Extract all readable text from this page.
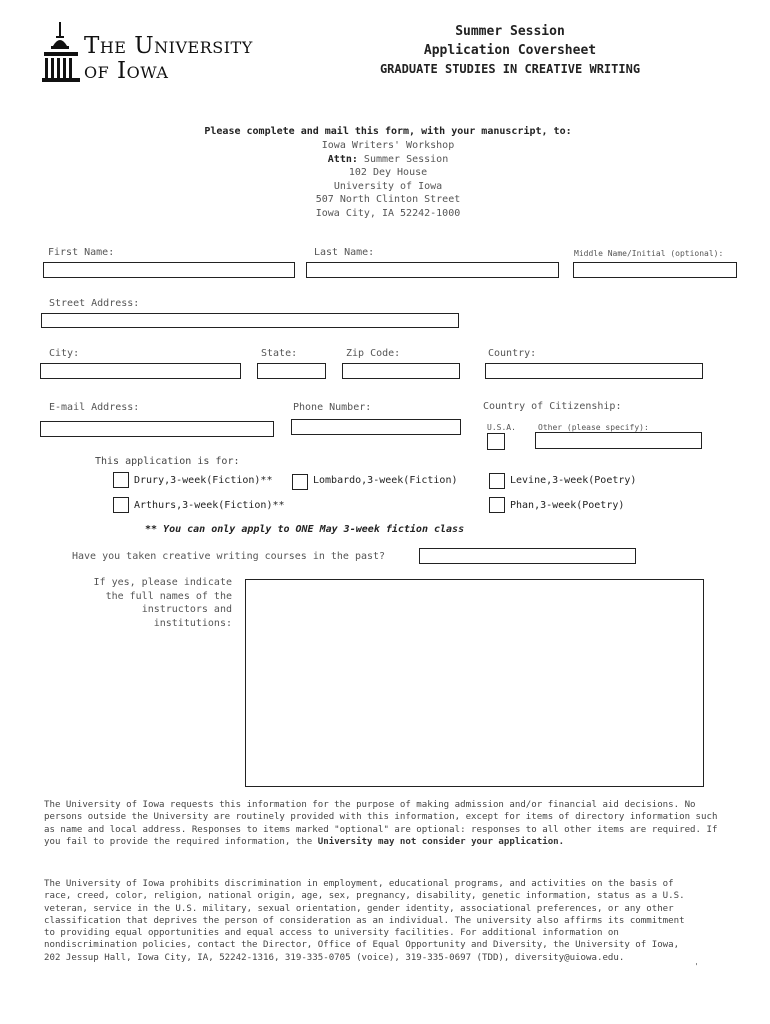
The University
of Iowa
Summer Session
Application Coversheet
GRADUATE STUDIES IN CREATIVE WRITING
Please complete and mail this form, with your manuscript, to:
Iowa Writers' Workshop
Attn: Summer Session
102 Dey House
University of Iowa
507 North Clinton Street
Iowa City, IA 52242-1000
First Name:	Last Name:	Middle Name/Initial (optional):
Street Address:
City:	State:	Zip Code:	Country:
E-mail Address:	Phone Number:	Country of Citizenship:
U.S.A.	Other (please specify):
This application is for:
Drury,3-week(Fiction)**	Lombardo,3-week(Fiction)	Levine,3-week(Poetry)
Arthurs,3-week(Fiction)**	Phan,3-week(Poetry)
** You can only apply to ONE May 3-week fiction class
Have you taken creative writing courses in the past?
If yes, please indicate
the full names of the
instructors and
institutions:
The University of Iowa requests this information for the purpose of making admission and/or financial aid decisions. No persons outside the University are routinely provided with this information, except for items of directory information such as name and local address. Responses to items marked "optional" are optional: responses to all other items are required. If you fail to provide the required information, the University may not consider your application.
The University of Iowa prohibits discrimination in employment, educational programs, and activities on the basis of race, creed, color, religion, national origin, age, sex, pregnancy, disability, genetic information, status as a U.S. veteran, service in the U.S. military, sexual orientation, gender identity, associational preferences, or any other classification that deprives the person of consideration as an individual. The university also affirms its commitment to providing equal opportunities and equal access to university facilities. For additional information on nondiscrimination policies, contact the Director, Office of Equal Opportunity and Diversity, the University of Iowa, 202 Jessup Hall, Iowa City, IA, 52242-1316, 319-335-0705 (voice), 319-335-0697 (TDD), diversity@uiowa.edu.
'
